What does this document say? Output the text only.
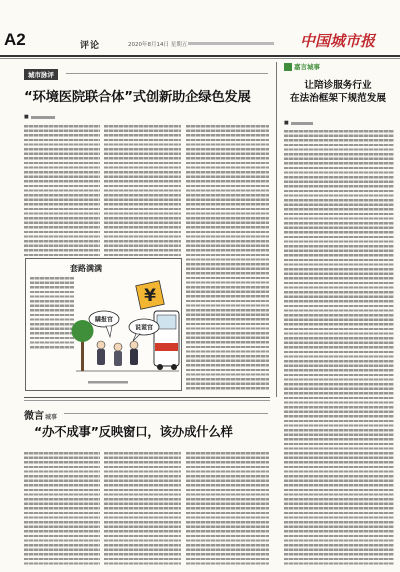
A2	评论	2020年8月14日 星期五	中国城市报
城市脉评
“环境医院联合体”式创新助企绿色发展
■
套路满满
¥
瞒报官
说谎官
嘉言城事
让陪诊服务行业
在法治框架下规范发展
■
微言城事
“办不成事”反映窗口，该办成什么样
